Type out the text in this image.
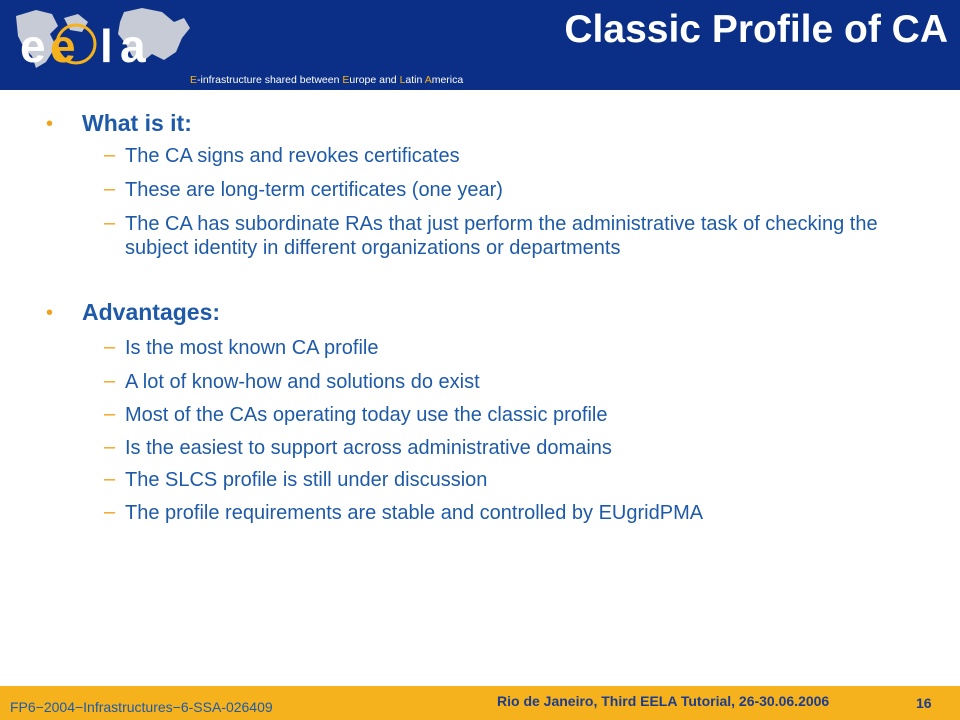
e e l a
E-infrastructure shared between Europe and Latin America
Classic Profile of CA
• What is it:
– The CA signs and revokes certificates
– These are long-term certificates (one year)
– The CA has subordinate RAs that just perform the administrative task of checking the subject identity in different organizations or departments
• Advantages:
– Is the most known CA profile
– A lot of know-how and solutions do exist
– Most of the CAs operating today use the classic profile
– Is the easiest to support across administrative domains
– The SLCS profile is still under discussion
– The profile requirements are stable and controlled by EUgridPMA
FP6−2004−Infrastructures−6-SSA-026409	Rio de Janeiro, Third EELA Tutorial, 26-30.06.2006	16
